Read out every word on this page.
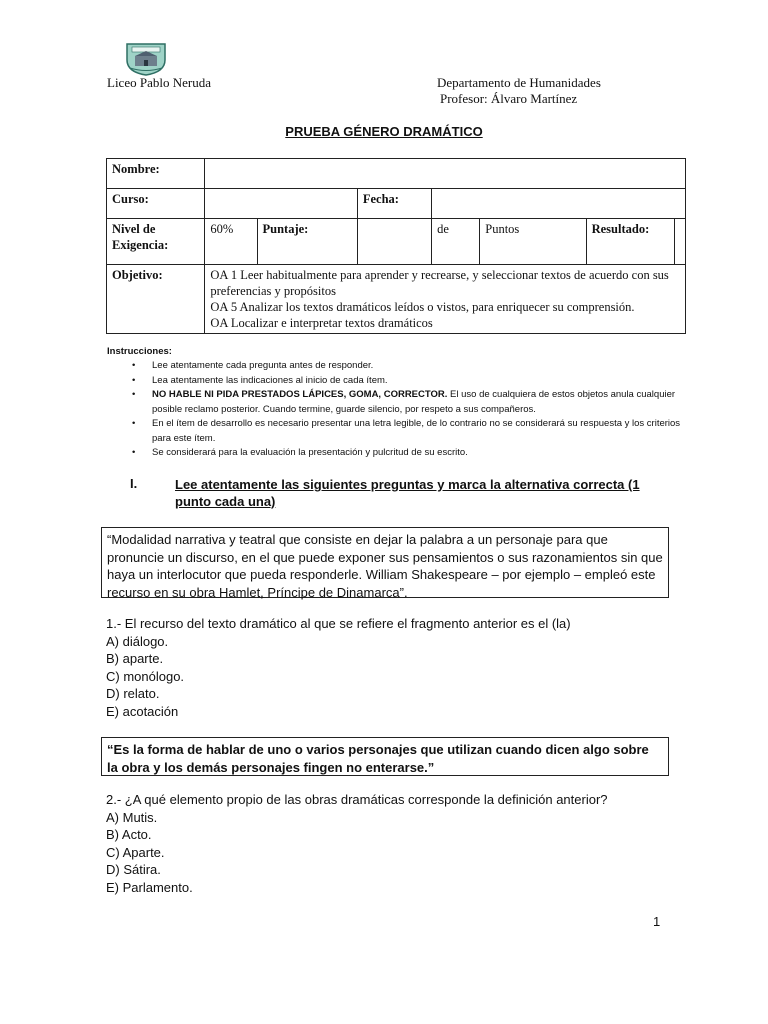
Liceo Pablo Neruda	Departamento de Humanidades
Profesor: Álvaro Martínez
PRUEBA GÉNERO DRAMÁTICO
Nombre:							
Curso:			Fecha:				
Nivel de Exigencia:	60%	Puntaje:		de	Puntos	Resultado:	
Objetivo:	OA 1 Leer habitualmente para aprender y recrearse, y seleccionar textos de acuerdo con sus preferencias y propósitos
OA 5 Analizar los textos dramáticos leídos o vistos, para enriquecer su comprensión.
OA Localizar e interpretar textos dramáticos						
Instrucciones:
• Lee atentamente cada pregunta antes de responder.
• Lea atentamente las indicaciones al inicio de cada ítem.
• NO HABLE NI PIDA PRESTADOS LÁPICES, GOMA, CORRECTOR. El uso de cualquiera de estos objetos anula cualquier posible reclamo posterior. Cuando termine, guarde silencio, por respeto a sus compañeros.
• En el ítem de desarrollo es necesario presentar una letra legible, de lo contrario no se considerará su respuesta y los criterios para este ítem.
• Se considerará para la evaluación la presentación y pulcritud de su escrito.
I.	Lee atentamente las siguientes preguntas y marca la alternativa correcta (1 punto cada una)
“Modalidad narrativa y teatral que consiste en dejar la palabra a un personaje para que pronuncie un discurso, en el que puede exponer sus pensamientos o sus razonamientos sin que haya un interlocutor que pueda responderle. William Shakespeare – por ejemplo – empleó este recurso en su obra Hamlet, Príncipe de Dinamarca”.
1.- El recurso del texto dramático al que se refiere el fragmento anterior es el (la)
A) diálogo.
B) aparte.
C) monólogo.
D) relato.
E) acotación
“Es la forma de hablar de uno o varios personajes que utilizan cuando dicen algo sobre la obra y los demás personajes fingen no enterarse.”
2.- ¿A qué elemento propio de las obras dramáticas corresponde la definición anterior?
A) Mutis.
B) Acto.
C) Aparte.
D) Sátira.
E) Parlamento.
1
